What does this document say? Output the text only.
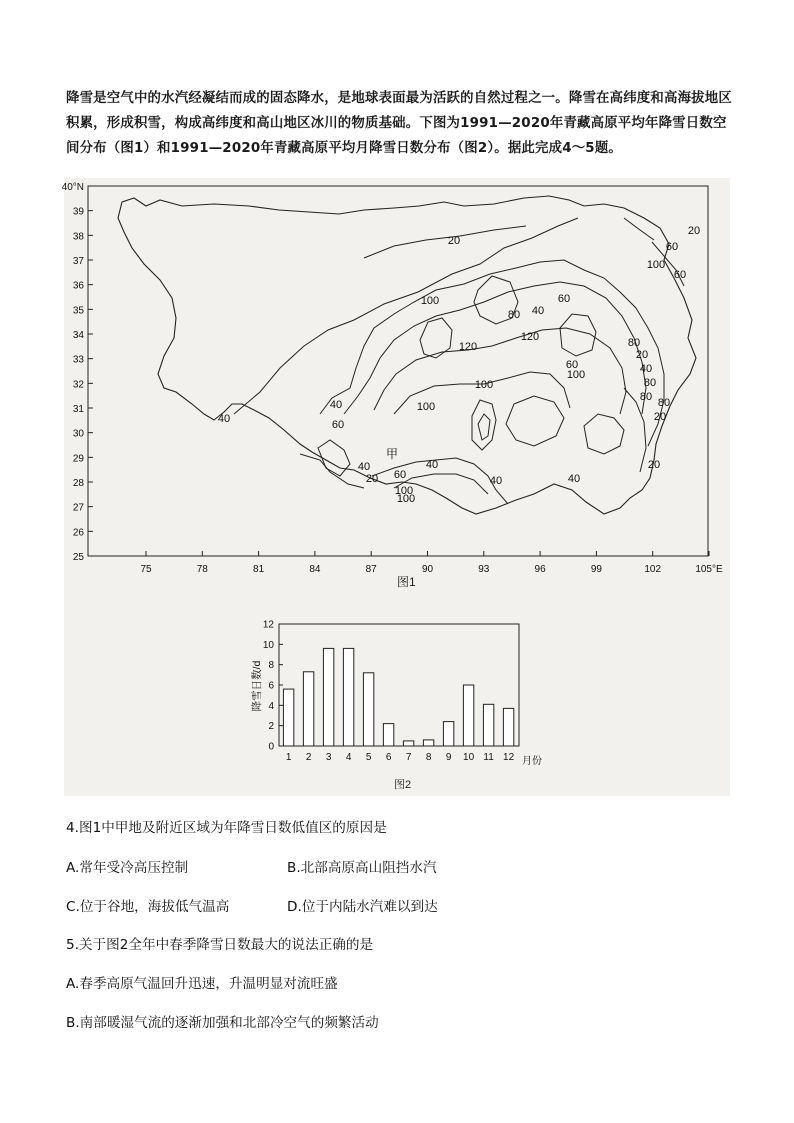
降雪是空气中的水汽经凝结而成的固态降水，是地球表面最为活跃的自然过程之一。降雪在高纬度和高海拔地区积累，形成积雪，构成高纬度和高山地区冰川的物质基础。下图为1991—2020年青藏高原平均年降雪日数空间分布（图1）和1991—2020年青藏高原平均月降雪日数分布（图2）。据此完成4～5题。
40°N
39
38
37
36
35
34
33
32
31
30
29
28
27
26
25
75	78	81	84	87	90	93	96	99	102	105°E
20
20
40
40
40	40
40	40
40
60
60
60
60
60
60
80
80 80
80
80
100
100
100
100
100
100
120
120
20
20
20
20
40
100
甲
图1
0
2
4
6
8
10
12
1 2 3 4 5 6 7 8 9 10 11 12
降雪日数/d
月份
图2
4.图1中甲地及附近区域为年降雪日数低值区的原因是
A.常年受冷高压控制	B.北部高原高山阻挡水汽
C.位于谷地，海拔低气温高	D.位于内陆水汽难以到达
5.关于图2全年中春季降雪日数最大的说法正确的是
A.春季高原气温回升迅速，升温明显对流旺盛
B.南部暖湿气流的逐渐加强和北部冷空气的频繁活动
